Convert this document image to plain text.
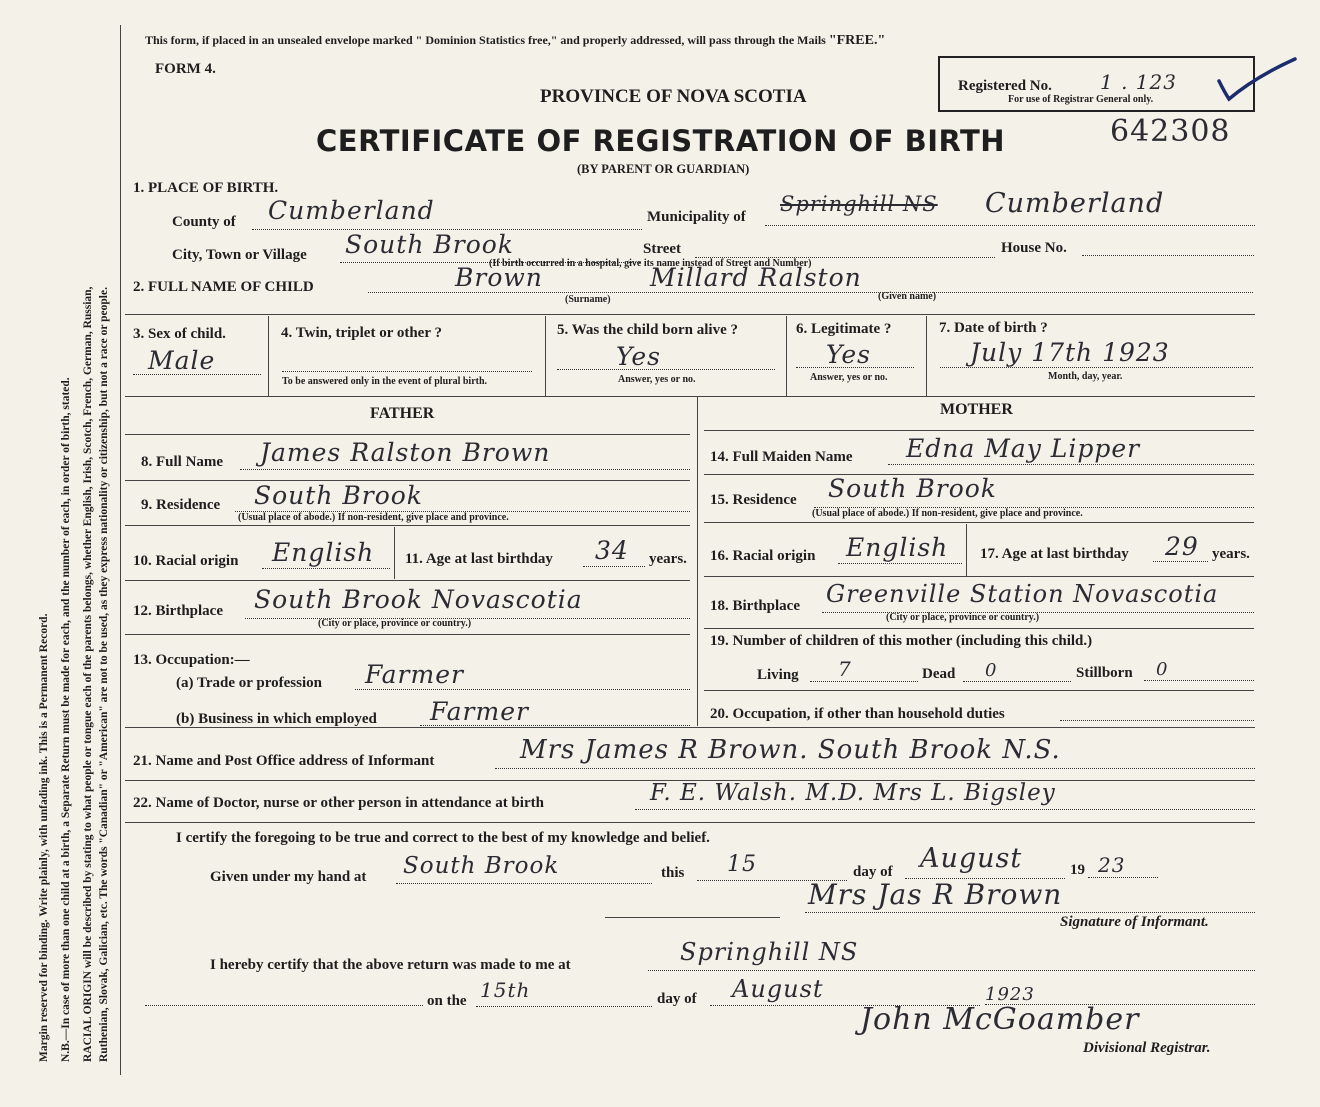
Margin reserved for binding. Write plainly, with unfading ink. This is a Permanent Record. N.B.—In case of more than one child at a birth, a Separate Return must be made for each, and the number of each, in order of birth, stated. RACIAL ORIGIN will be described by stating to what people or tongue each of the parents belongs, whether English, Irish, Scotch, French, German, Russian, Ruthenian, Slovak, Galician, etc. The words "Canadian" or "American" are not to be used, as they express nationality or citizenship, but not a race or people.
This form, if placed in an unsealed envelope marked " Dominion Statistics free," and properly addressed, will pass through the Mails "FREE."
FORM 4.
PROVINCE OF NOVA SCOTIA
CERTIFICATE OF REGISTRATION OF BIRTH
(BY PARENT OR GUARDIAN)
642308
Registered No. 1 . 123
For use of Registrar General only.
1. PLACE OF BIRTH.
County of Cumberland	Municipality of
Springhill NS Cumberland
City, Town or Village South Brook	Street	House No.
(If birth occurred in a hospital, give its name instead of Street and Number)
2. FULL NAME OF CHILD	Brown	Millard Ralston
(Surname)	(Given name)
3. Sex of child.
Male
4. Twin, triplet or other ?
To be answered only in the event of plural birth.
5. Was the child born alive ?
Yes
Answer, yes or no.
6. Legitimate ?
Yes
Answer, yes or no.
7. Date of birth ?
July 17th 1923
Month, day, year.
FATHER	MOTHER
8. Full Name James Ralston Brown
9. Residence South Brook
(Usual place of abode.) If non-resident, give place and province.
10. Racial origin English 11. Age at last birthday 34 years.
12. Birthplace South Brook Novascotia
(City or place, province or country.)
13. Occupation:—
(a) Trade or profession Farmer
(b) Business in which employed Farmer
14. Full Maiden Name Edna May Lipper
15. Residence South Brook
(Usual place of abode.) If non-resident, give place and province.
16. Racial origin English 17. Age at last birthday 29 years.
18. Birthplace Greenville Station Novascotia
(City or place, province or country.)
19. Number of children of this mother (including this child.)
Living 7	Dead 0	Stillborn 0
20. Occupation, if other than household duties
21. Name and Post Office address of Informant	Mrs James R Brown. South Brook N.S.
22. Name of Doctor, nurse or other person in attendance at birth	F. E. Walsh. M.D. Mrs L. Bigsley
I certify the foregoing to be true and correct to the best of my knowledge and belief.
Given under my hand at South Brook	this 15	day of August	19 23
Mrs Jas R Brown
Signature of Informant.
I hereby certify that the above return was made to me at	Springhill NS
on the 15th	day of August	1923
John McGoamber
Divisional Registrar.
